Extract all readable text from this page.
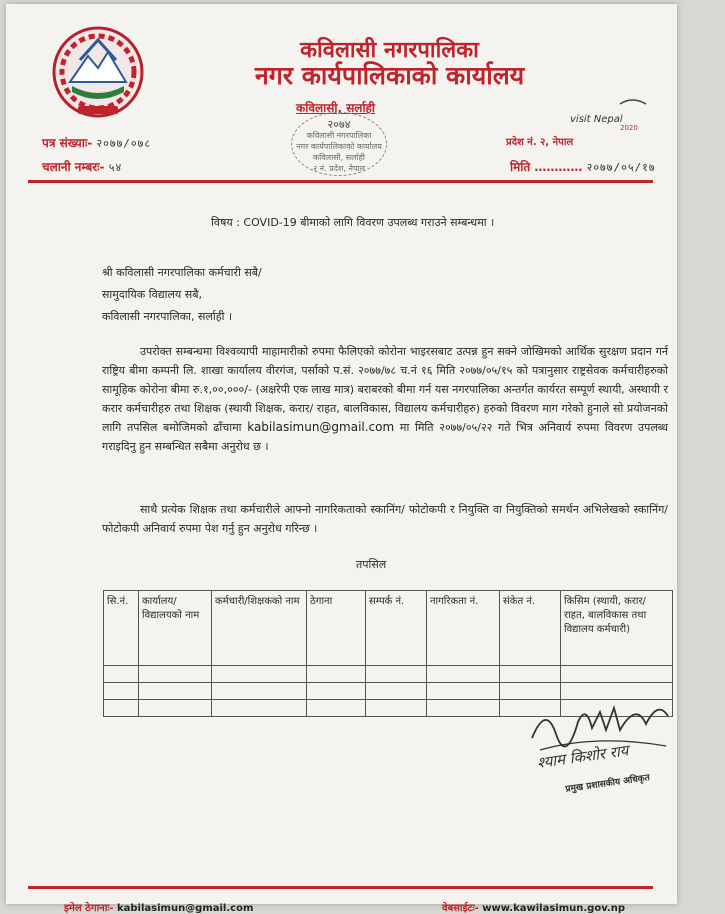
कविलासी नगरपालिका
नगर कार्यपालिकाको कार्यालय
कविलासी, सर्लाही
२०७४
कविलासी नगरपालिका
नगर कार्यपालिकाको कार्यालय
कविलासी, सर्लाही
२ नं. प्रदेश, नेपाल
visit Nepal
2020
पत्र संख्याः- २०७७/०७८
चलानी नम्बरः- ५४
प्रदेश नं. २, नेपाल
मिति ………… २०७७/०५/१७
विषय : COVID-19 बीमाको लागि विवरण उपलब्ध गराउने सम्बन्धमा ।
श्री कविलासी नगरपालिका कर्मचारी सबै/
सामुदायिक विद्यालय सबै,
कविलासी नगरपालिका, सर्लाही ।
उपरोक्त सम्बन्धमा विश्वव्यापी माहामारीको रुपमा फैलिएको कोरोना भाइरसबाट उत्पन्न हुन सक्ने जोखिमको आर्थिक सुरक्षण प्रदान गर्न राष्ट्रिय बीमा कम्पनी लि. शाखा कार्यालय वीरगंज, पर्साको प.सं. २०७७/७८ च.नं १६ मिति २०७७/०५/१५ को पत्रानुसार राष्ट्रसेवक कर्मचारीहरुको सामूहिक कोरोना बीमा रु.१,००,०००/- (अक्षरेपी एक लाख मात्र) बराबरको बीमा गर्न यस नगरपालिका अन्तर्गत कार्यरत सम्पूर्ण स्थायी, अस्थायी र करार कर्मचारीहरु तथा शिक्षक (स्थायी शिक्षक, करार/ राहत, बालविकास, विद्यालय कर्मचारीहरु) हरुको विवरण माग गरेको हुनाले सो प्रयोजनको लागि तपसिल बमोजिमको ढाँचामा kabilasimun@gmail.com मा मिति २०७७/०५/२२ गते भित्र अनिवार्य रुपमा विवरण उपलब्ध गराइदिनु हुन सम्बन्धित सबैमा अनुरोध छ ।
साथै प्रत्येक शिक्षक तथा कर्मचारीले आफ्नो नागरिकताको स्कानिंग/ फोटोकपी र नियुक्ति वा नियुक्तिको समर्थन अभिलेखको स्कानिंग/ फोटोकपी अनिवार्य रुपमा पेश गर्नु हुन अनुरोध गरिन्छ ।
तपसिल
सि.नं.	कार्यालय/ विद्यालयको नाम	कर्मचारी/शिक्षकको नाम	ठेगाना	सम्पर्क नं.	नागरिकता नं.	संकेत नं.	किसिम (स्थायी, करार/ राहत, बालविकास तथा विद्यालय कर्मचारी)

श्याम किशोर राय
प्रमुख प्रशासकीय अधिकृत
इमेल ठेगानाः- kabilasimun@gmail.com	वेबसाईटः- www.kawilasimun.gov.np
